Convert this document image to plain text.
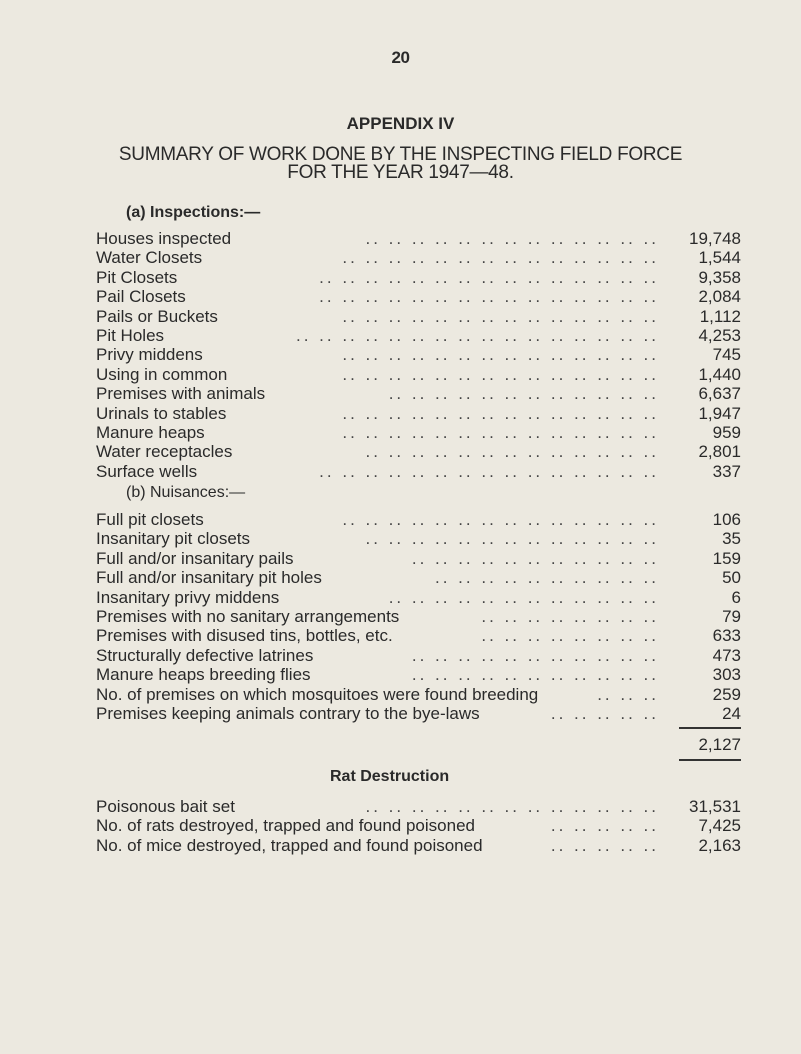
20
APPENDIX IV
SUMMARY OF WORK DONE BY THE INSPECTING FIELD FORCE
FOR THE YEAR 1947—48.
(a) Inspections:—
Houses inspected	.. .. .. .. .. .. .. .. .. .. .. .. .. 19,748
Water Closets	.. .. .. .. .. .. .. .. .. .. .. .. .. .. 1,544
Pit Closets	.. .. .. .. .. .. .. .. .. .. .. .. .. .. .. 9,358
Pail Closets	.. .. .. .. .. .. .. .. .. .. .. .. .. .. .. 2,084
Pails or Buckets	.. .. .. .. .. .. .. .. .. .. .. .. .. .. 1,112
Pit Holes	.. .. .. .. .. .. .. .. .. .. .. .. .. .. .. .. 4,253
Privy middens	.. .. .. .. .. .. .. .. .. .. .. .. .. ..	745
Using in common	.. .. .. .. .. .. .. .. .. .. .. .. .. .. 1,440
Premises with animals	.. .. .. .. .. .. .. .. .. .. .. .. 6,637
Urinals to stables	.. .. .. .. .. .. .. .. .. .. .. .. .. .. 1,947
Manure heaps	.. .. .. .. .. .. .. .. .. .. .. .. .. ..	959
Water receptacles	.. .. .. .. .. .. .. .. .. .. .. .. .. 2,801
Surface wells	.. .. .. .. .. .. .. .. .. .. .. .. .. .. ..	337
(b) Nuisances:—
Full pit closets	.. .. .. .. .. .. .. .. .. .. .. .. .. ..	106
Insanitary pit closets	.. .. .. .. .. .. .. .. .. .. .. .. ..	35
Full and/or insanitary pails	.. .. .. .. .. .. .. .. .. .. ..	159
Full and/or insanitary pit holes	.. .. .. .. .. .. .. .. .. ..	50
Insanitary privy middens	.. .. .. .. .. .. .. .. .. .. .. ..	6
Premises with no sanitary arrangements	.. .. .. .. .. .. .. ..	79
Premises with disused tins, bottles, etc.	.. .. .. .. .. .. .. ..	633
Structurally defective latrines	.. .. .. .. .. .. .. .. .. .. ..	473
Manure heaps breeding flies	.. .. .. .. .. .. .. .. .. .. ..	303
No. of premises on which mosquitoes were found breeding	.. .. ..	259
Premises keeping animals contrary to the bye-laws	.. .. .. .. ..	24
2,127
Rat Destruction
Poisonous bait set	.. .. .. .. .. .. .. .. .. .. .. .. .. 31,531
No. of rats destroyed, trapped and found poisoned	.. .. .. .. .. 7,425
No. of mice destroyed, trapped and found poisoned	.. .. .. .. .. 2,163
